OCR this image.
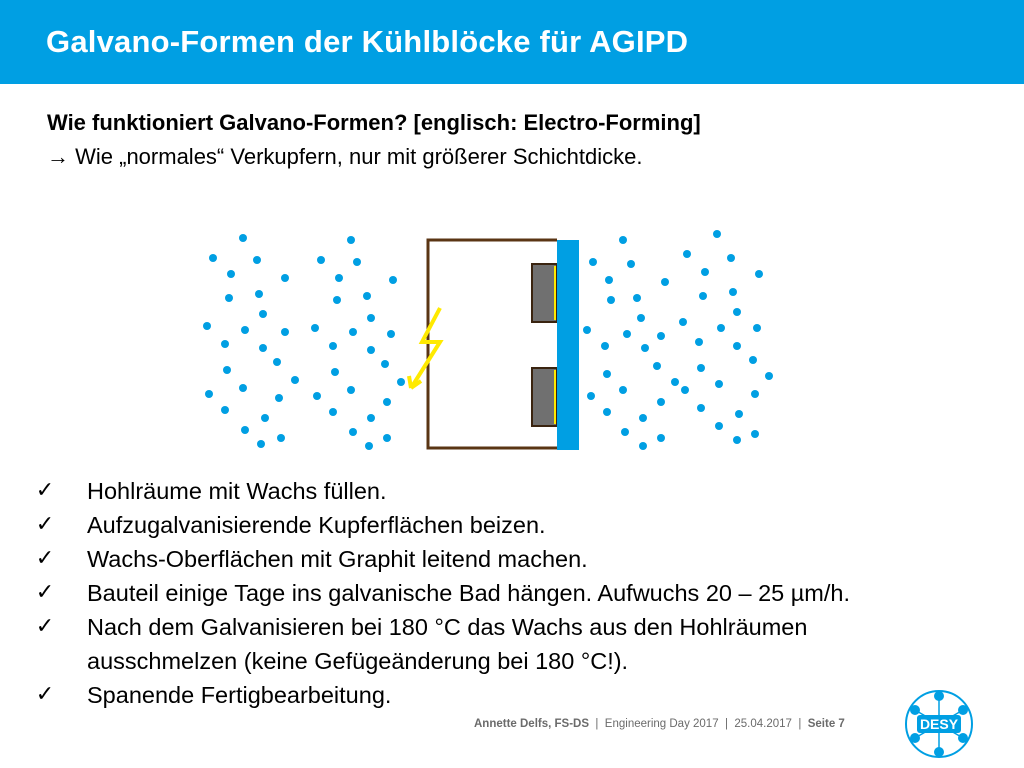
Galvano-Formen der Kühlblöcke für AGIPD
Wie funktioniert Galvano-Formen? [englisch: Electro-Forming]
→ Wie „normales“ Verkupfern, nur mit größerer Schichtdicke.
✓ Hohlräume mit Wachs füllen.
✓ Aufzugalvanisierende Kupferflächen beizen.
✓ Wachs-Oberflächen mit Graphit leitend machen.
✓ Bauteil einige Tage ins galvanische Bad hängen. Aufwuchs 20 – 25 µm/h.
✓ Nach dem Galvanisieren bei 180 °C das Wachs aus den Hohlräumen ausschmelzen (keine Gefügeänderung bei 180 °C!).
✓ Spanende Fertigbearbeitung.
Annette Delfs, FS-DS | Engineering Day 2017 | 25.04.2017 | Seite 7	DESY
